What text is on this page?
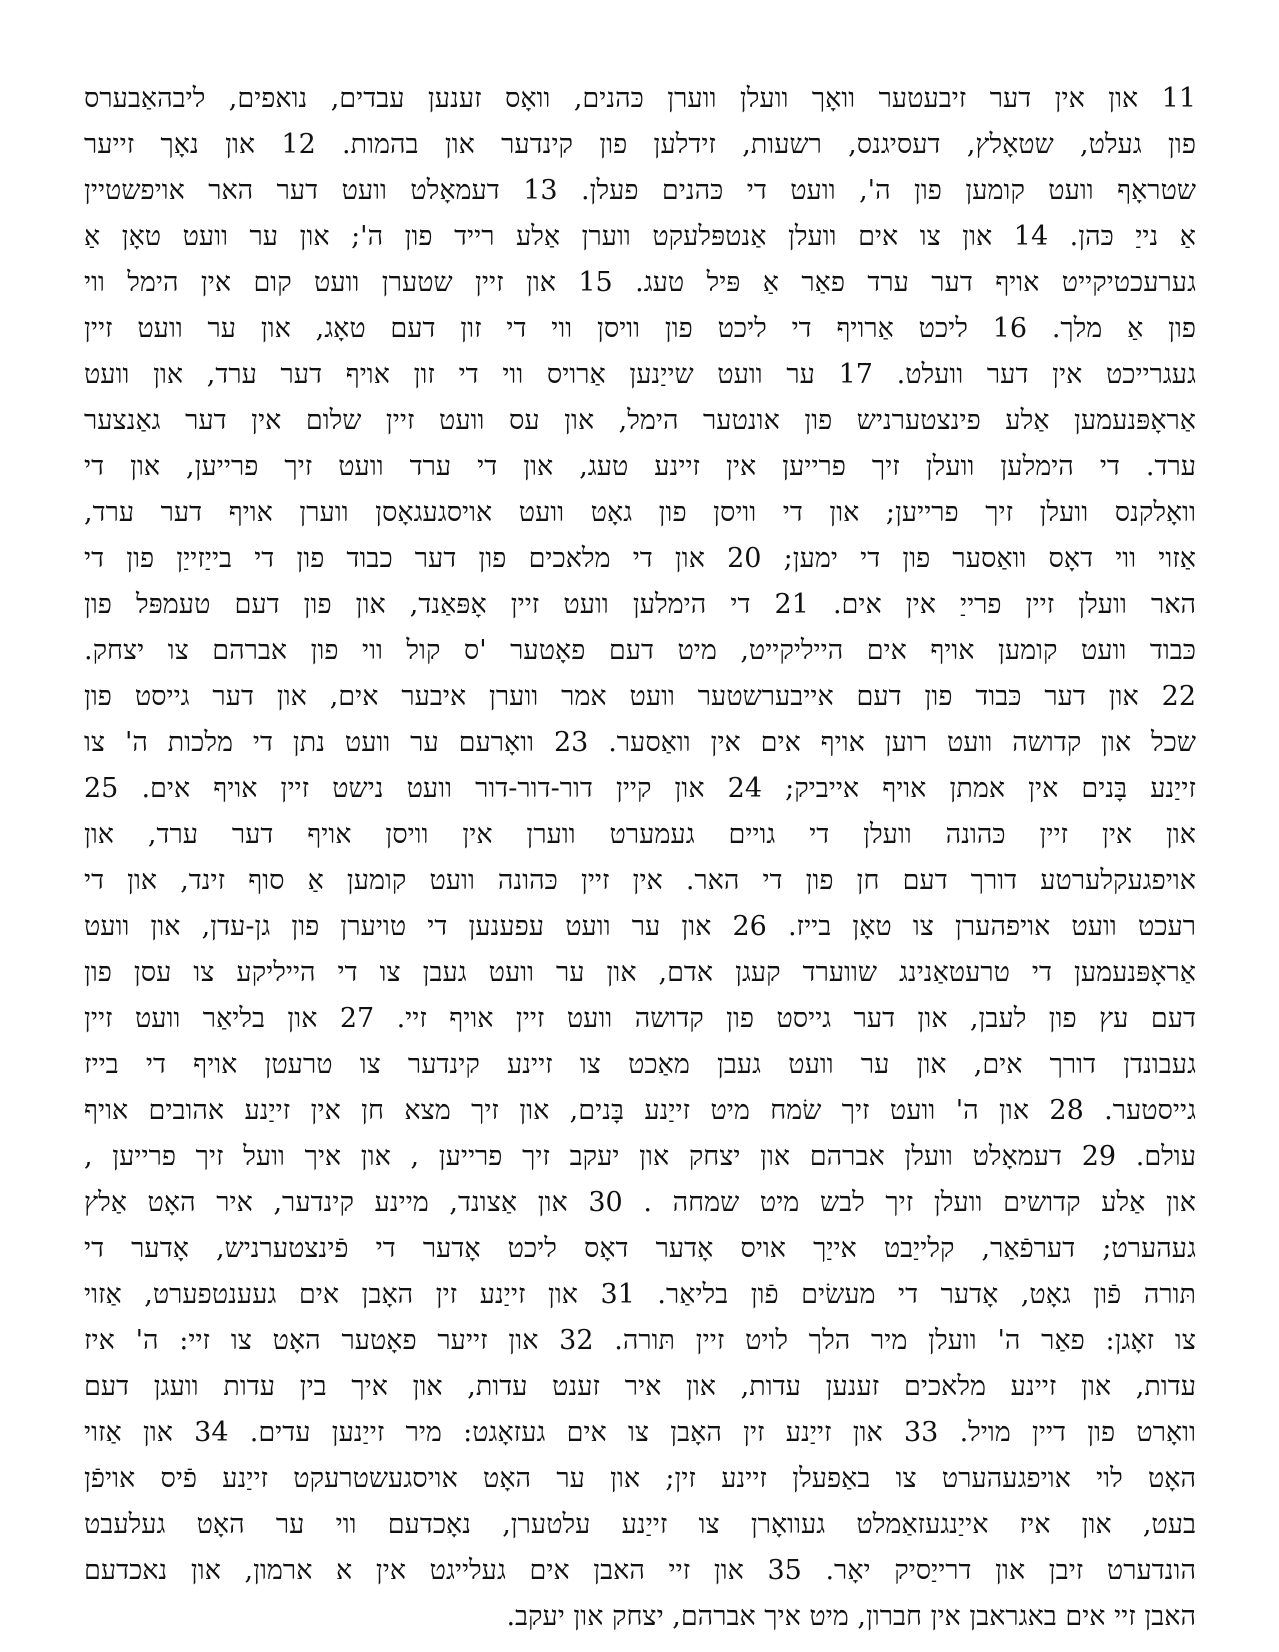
11 און אין דער זיבעטער וואָך וועלן ווערן כּהנים, וואָס זענען עבדים, נואפים, ליבהאַבערס
פון געלט, שטאָלץ, דעסיגנס, רשעות, זידלען פון קינדער און בהמות. 12 און נאָך זייער
שטראָף וועט קומען פון ה', וועט די כּהנים פעלן. 13 דעמאָלט וועט דער האר אויפשטיין
אַ נייַ כּהן. 14 און צו אים וועלן אַנטפּלעקט ווערן אַלע רייד פון ה'; און ער וועט טאָן אַ
גערעכטיקייט אויף דער ערד פאַר אַ פּיל טעג. 15 און זיין שטערן וועט קום אין הימל ווי
פון אַ מלך. 16 ליכט אַרויף די ליכט פון וויסן ווי די זון דעם טאָג, און ער וועט זיין
געגרייכט אין דער וועלט. 17 ער וועט שייַנען אַרויס ווי די זון אויף דער ערד, און וועט
אַראָפּנעמען אַלע פינצטערניש פון אונטער הימל, און עס וועט זיין שלום אין דער גאַנצער
ערד. די הימלען וועלן זיך פרייען אין זיינע טעג, און די ערד וועט זיך פרייען, און די
וואָלקנס וועלן זיך פרייען; און די וויסן פון גאָט וועט אויסגעגאָסן ווערן אויף דער ערד,
אַזוי ווי דאָס וואַסער פון די ימען; 20 און די מלאכים פון דער כבוד פון די בייַזייַן פון די
האר וועלן זיין פרייַ אין אים. 21 די הימלען וועט זיין אָפּאַנד, און פון דעם טעמפּל פון
כּבוד וועט קומען אויף אים הייליקייט, מיט דעם פאָטער 'ס קול ווי פון אברהם צו יצחק.
22 און דער כּבוד פון דעם אייבערשטער וועט אמר ווערן איבער אים, און דער גייסט פון
שכל און קדושה וועט רוען אויף אים אין וואַסער. 23 וואָרעם ער וועט נתן די מלכות ה' צו
זייַנע בָּנים אין אמתן אויף אייביק; 24 און קיין דור-דור-דור וועט נישט זיין אויף אים. 25
און אין זיין כּהונה וועלן די גויים געמערט ווערן אין וויסן אויף דער ערד, און
אויפגעקלערטע דורך דעם חן פון די האר. אין זיין כּהונה וועט קומען אַ סוף זינד, און די
רעכט וועט אויפהערן צו טאָן בייז. 26 און ער וועט עפענען די טויערן פון גן-עדן, און וועט
אַראָפּנעמען די טרעטאַנינג שווערד קעגן אדם, און ער וועט געבן צו די הייליקע צו עסן פון
דעם עץ פון לעבן, און דער גייסט פון קדושה וועט זיין אויף זיי. 27 און בליאַר וועט זיין
געבונדן דורך אים, און ער וועט געבן מאַכט צו זיינע קינדער צו טרעטן אויף די בייז
גייסטער. 28 און ה' וועט זיך שׂמח מיט זייַנע בָּנים, און זיך מצא חן אין זייַנע אהובים אויף
עולם. 29 דעמאָלט וועלן אברהם און יצחק און יעקב זיך פרייען , און איך וועל זיך פרייען ,
און אַלע קדושים וועלן זיך לבש מיט שמחה . 30 און אַצונד, מיינע קינדער, איר האָט אַלץ
געהערט; דערפֿאַר, קלייַבט אייַך אויס אָדער דאָס ליכט אָדער די פֿינצטערניש, אָדער די
תּורה פֿון גאָט, אָדער די מעשׂים פֿון בליאַר. 31 און זייַנע זין האָבן אים געענטפערט, אַזוי
צו זאָגן: פאַר ה' וועלן מיר הלך לויט זיין תּורה. 32 און זייער פאָטער האָט צו זיי: ה' איז
עדות, און זיינע מלאכים זענען עדות, און איר זענט עדות, און איך בין עדות וועגן דעם
וואָרט פון דיין מויל. 33 און זייַנע זין האָבן צו אים געזאָגט: מיר זייַנען עדים. 34 און אַזוי
האָט לוי אויפגעהערט צו באַפעלן זיינע זין; און ער האָט אויסגעשטרעקט זייַנע פֿיס אויפֿן
בעט, און איז אייַנגעזאַמלט געוואָרן צו זייַנע עלטערן, נאָכדעם ווי ער האָט געלעבט
הונדערט זיבן און דרייַסיק יאָר. 35 און זיי האבן אים געלייגט אין א ארמון, און נאכדעם
האבן זיי אים באגראבן אין חברון, מיט איך אברהם, יצחק און יעקב.
